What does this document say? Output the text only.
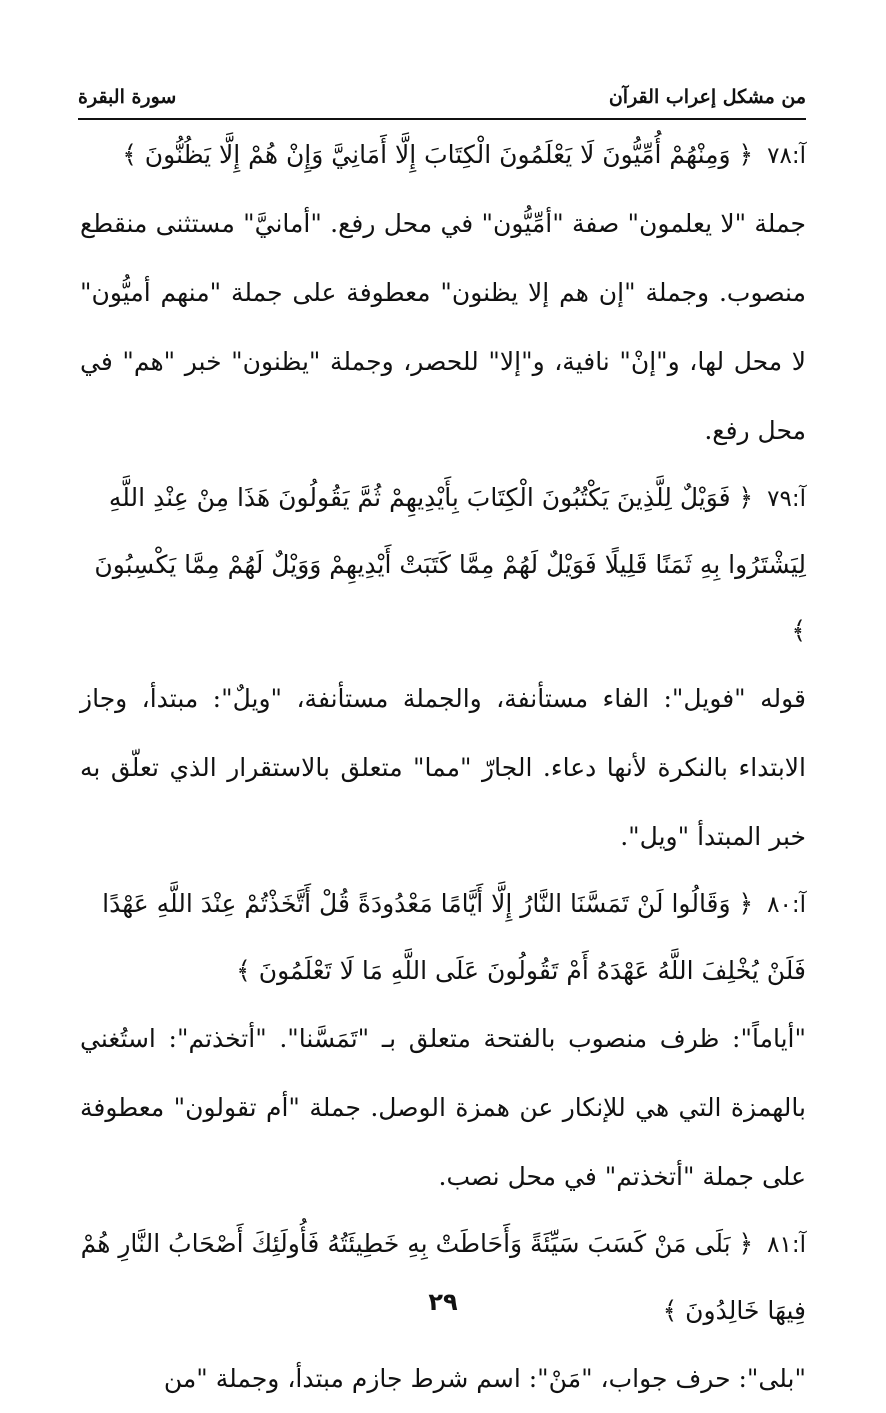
من مشكل إعراب القرآن
سورة البقرة
آ:٧٨ ﴿ وَمِنْهُمْ أُمِّيُّونَ لَا يَعْلَمُونَ الْكِتَابَ إِلَّا أَمَانِيَّ وَإِنْ هُمْ إِلَّا يَظُنُّونَ ﴾

جملة "لا يعلمون" صفة "أمِّيُّون" في محل رفع. "أمانيَّ" مستثنى منقطع منصوب. وجملة "إن هم إلا يظنون" معطوفة على جملة "منهم أميُّون" لا محل لها، و"إنْ" نافية، و"إلا" للحصر، وجملة "يظنون" خبر "هم" في محل رفع.

آ:٧٩ ﴿ فَوَيْلٌ لِلَّذِينَ يَكْتُبُونَ الْكِتَابَ بِأَيْدِيهِمْ ثُمَّ يَقُولُونَ هَذَا مِنْ عِنْدِ اللَّهِ لِيَشْتَرُوا بِهِ ثَمَنًا قَلِيلًا فَوَيْلٌ لَهُمْ مِمَّا كَتَبَتْ أَيْدِيهِمْ وَوَيْلٌ لَهُمْ مِمَّا يَكْسِبُونَ ﴾

قوله "فويل": الفاء مستأنفة، والجملة مستأنفة، "ويلٌ": مبتدأ، وجاز الابتداء بالنكرة لأنها دعاء. الجارّ "مما" متعلق بالاستقرار الذي تعلّق به خبر المبتدأ "ويل".

آ:٨٠ ﴿ وَقَالُوا لَنْ تَمَسَّنَا النَّارُ إِلَّا أَيَّامًا مَعْدُودَةً قُلْ أَتَّخَذْتُمْ عِنْدَ اللَّهِ عَهْدًا فَلَنْ يُخْلِفَ اللَّهُ عَهْدَهُ أَمْ تَقُولُونَ عَلَى اللَّهِ مَا لَا تَعْلَمُونَ ﴾

"أياماً": ظرف منصوب بالفتحة متعلق بـ "تَمَسَّنا". "أتخذتم": استُغني بالهمزة التي هي للإنكار عن همزة الوصل. جملة "أم تقولون" معطوفة على جملة "أتخذتم" في محل نصب.

آ:٨١ ﴿ بَلَى مَنْ كَسَبَ سَيِّئَةً وَأَحَاطَتْ بِهِ خَطِيئَتُهُ فَأُولَئِكَ أَصْحَابُ النَّارِ هُمْ فِيهَا خَالِدُونَ ﴾

"بلى": حرف جواب، "مَنْ": اسم شرط جازم مبتدأ، وجملة "من

٢٩
